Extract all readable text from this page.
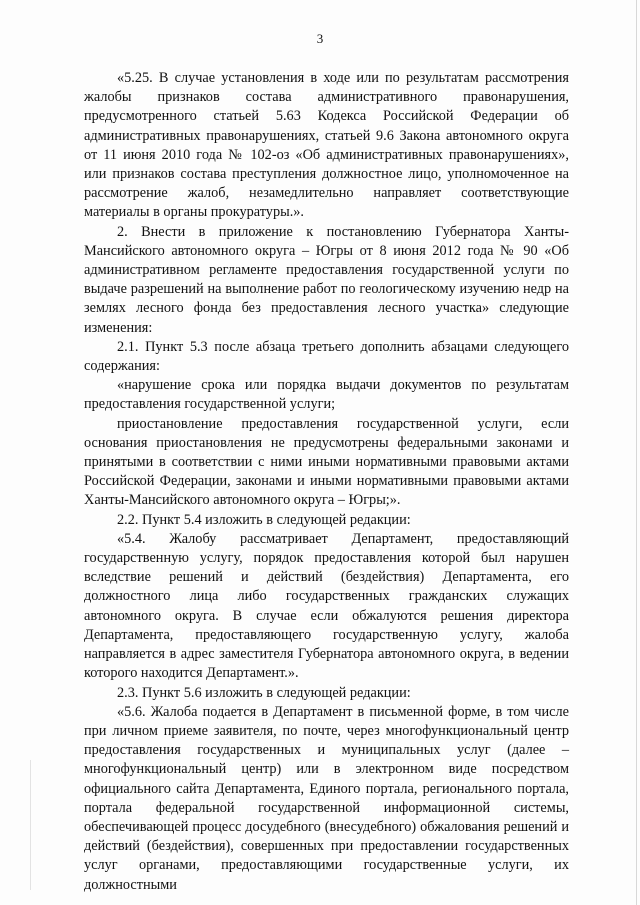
3

«5.25. В случае установления в ходе или по результатам рассмотрения жалобы признаков состава административного правонарушения, предусмотренного статьей 5.63 Кодекса Российской Федерации об административных правонарушениях, статьей 9.6 Закона автономного округа от 11 июня 2010 года № 102-оз «Об административных правонарушениях», или признаков состава преступления должностное лицо, уполномоченное на рассмотрение жалоб, незамедлительно направляет соответствующие материалы в органы прокуратуры.».

2. Внести в приложение к постановлению Губернатора Ханты-Мансийского автономного округа – Югры от 8 июня 2012 года № 90 «Об административном регламенте предоставления государственной услуги по выдаче разрешений на выполнение работ по геологическому изучению недр на землях лесного фонда без предоставления лесного участка» следующие изменения:

2.1. Пункт 5.3 после абзаца третьего дополнить абзацами следующего содержания:

«нарушение срока или порядка выдачи документов по результатам предоставления государственной услуги;

приостановление предоставления государственной услуги, если основания приостановления не предусмотрены федеральными законами и принятыми в соответствии с ними иными нормативными правовыми актами Российской Федерации, законами и иными нормативными правовыми актами Ханты-Мансийского автономного округа – Югры;».

2.2. Пункт 5.4 изложить в следующей редакции:

«5.4. Жалобу рассматривает Департамент, предоставляющий государственную услугу, порядок предоставления которой был нарушен вследствие решений и действий (бездействия) Департамента, его должностного лица либо государственных гражданских служащих автономного округа. В случае если обжалуются решения директора Департамента, предоставляющего государственную услугу, жалоба направляется в адрес заместителя Губернатора автономного округа, в ведении которого находится Департамент.».

2.3. Пункт 5.6 изложить в следующей редакции:

«5.6. Жалоба подается в Департамент в письменной форме, в том числе при личном приеме заявителя, по почте, через многофункциональный центр предоставления государственных и муниципальных услуг (далее – многофункциональный центр) или в электронном виде посредством официального сайта Департамента, Единого портала, регионального портала, портала федеральной государственной информационной системы, обеспечивающей процесс досудебного (внесудебного) обжалования решений и действий (бездействия), совершенных при предоставлении государственных услуг органами, предоставляющими государственные услуги, их должностными
